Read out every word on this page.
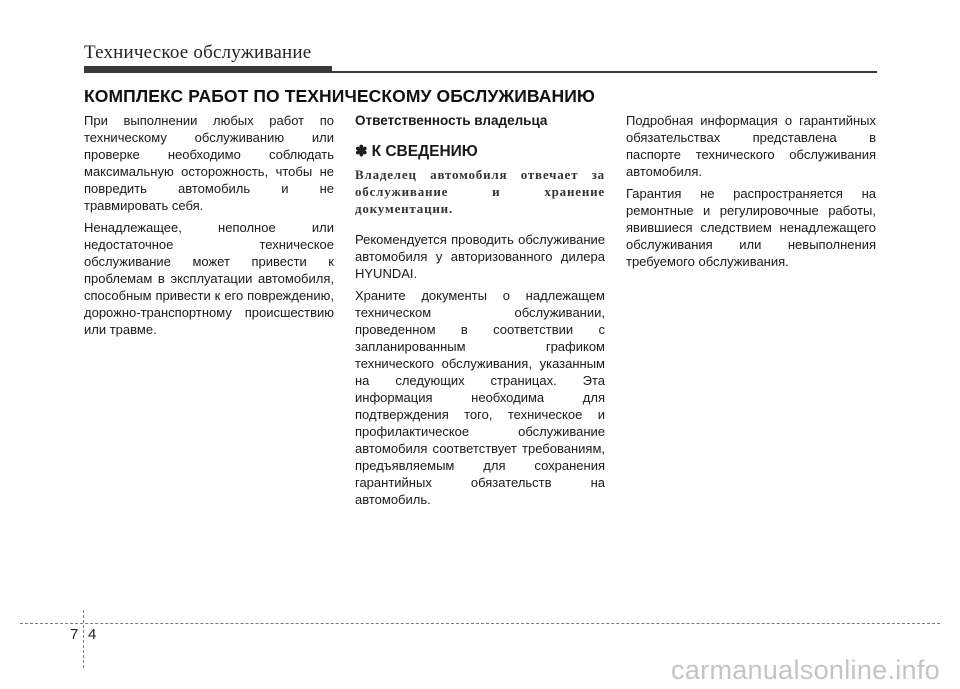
Техническое обслуживание
КОМПЛЕКС РАБОТ ПО ТЕХНИЧЕСКОМУ ОБСЛУЖИВАНИЮ

При выполнении любых работ по техническому обслуживанию или проверке необходимо соблюдать максимальную осторожность, чтобы не повредить автомобиль и не травмировать себя.

Ненадлежащее, неполное или недостаточное техническое обслуживание может привести к проблемам в эксплуатации автомобиля, способным привести к его повреждению, дорожно-транспортному происшествию или травме.

Ответственность владельца
✽ К СВЕДЕНИЮ
Владелец автомобиля отвечает за обслуживание и хранение документации.

Рекомендуется проводить обслуживание автомобиля у авторизованного дилера HYUNDAI.

Храните документы о надлежащем техническом обслуживании, проведенном в соответствии с запланированным графиком технического обслуживания, указанным на следующих страницах. Эта информация необходима для подтверждения того, техническое и профилактическое обслуживание автомобиля соответствует требованиям, предъявляемым для сохранения гарантийных обязательств на автомобиль.

Подробная информация о гарантийных обязательствах представлена в паспорте технического обслуживания автомобиля.

Гарантия не распространяется на ремонтные и регулировочные работы, явившиеся следствием ненадлежащего обслуживания или невыполнения требуемого обслуживания.

7 4
carmanualsonline.info
